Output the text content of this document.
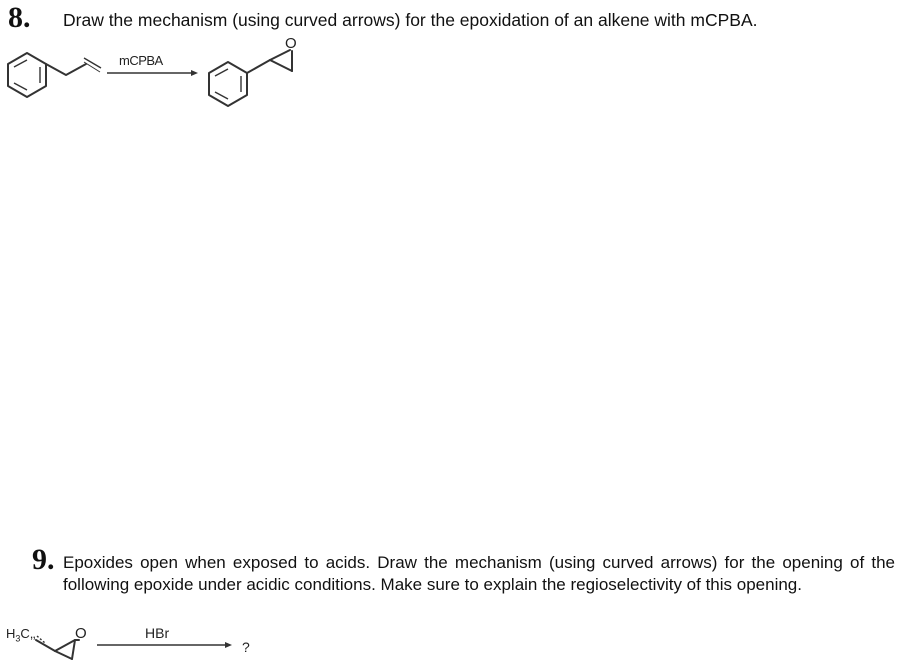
8. Draw the mechanism (using curved arrows) for the epoxidation of an alkene with mCPBA.
O
mCPBA
9. Epoxides open when exposed to acids. Draw the mechanism (using curved arrows) for the opening of the following epoxide under acidic conditions. Make sure to explain the regioselectivity of this opening.
$H_3C$,,	O	HBr
?
